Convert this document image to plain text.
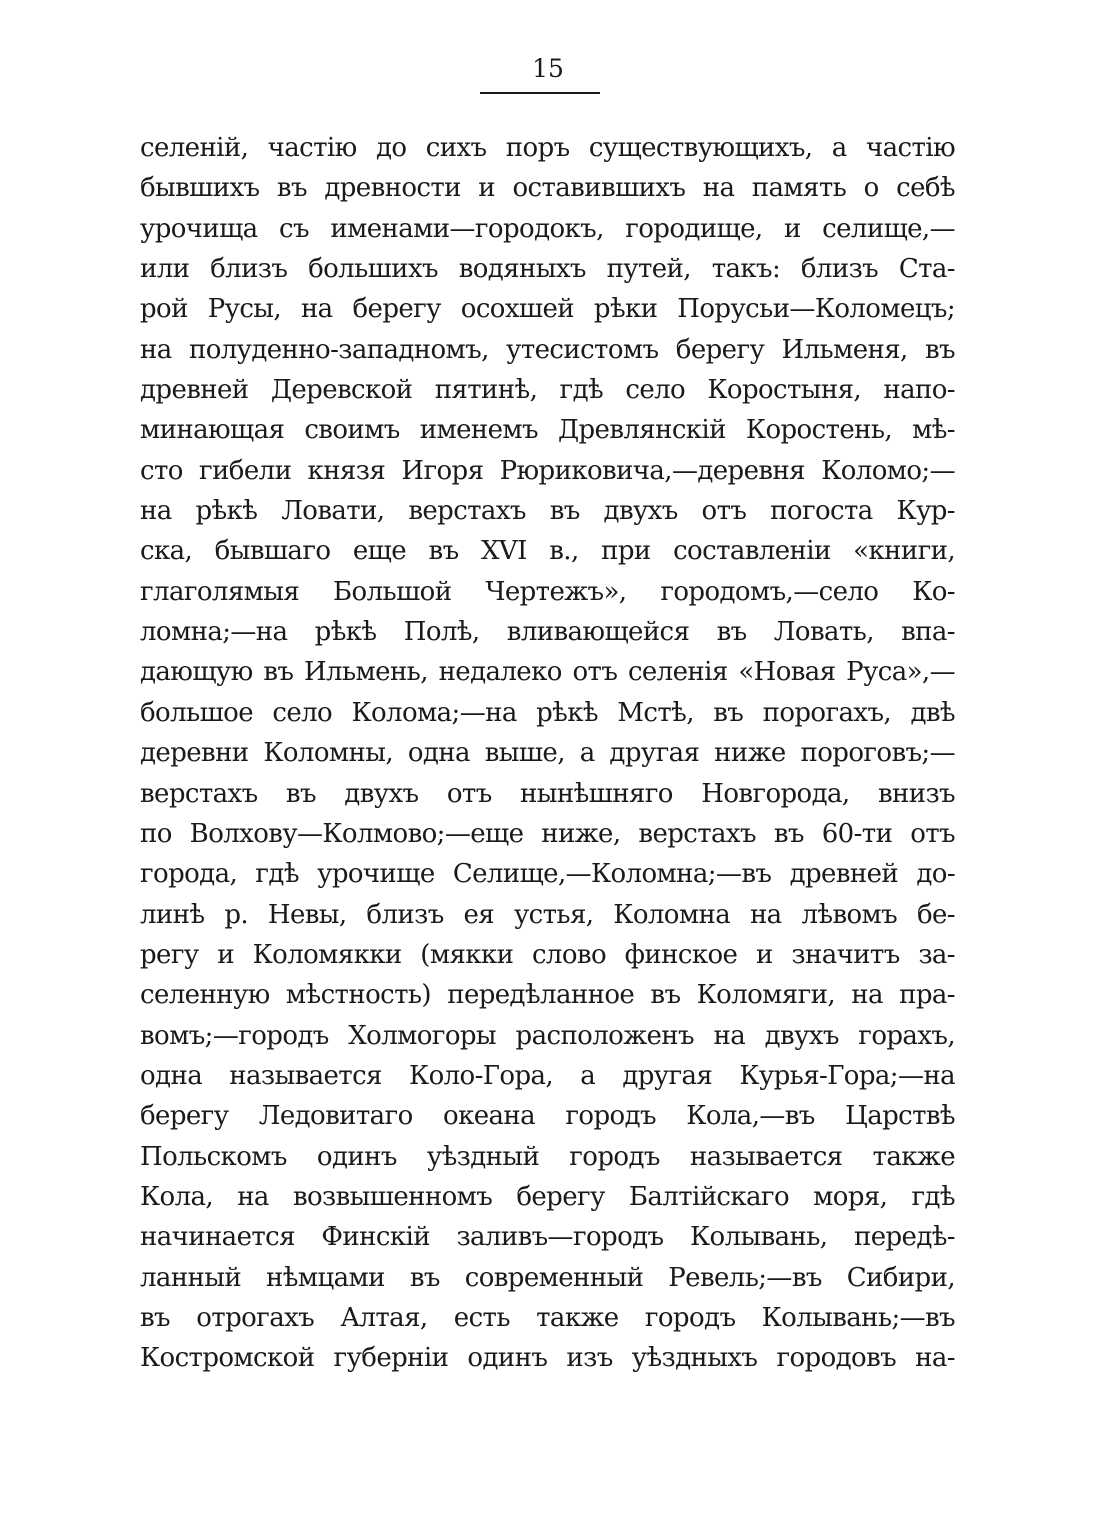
15
селеній, частію до сихъ поръ существующихъ, а частію
бывшихъ въ древности и оставившихъ на память о себѣ
урочища съ именами—городокъ, городище, и селище,—
или близъ большихъ водяныхъ путей, такъ: близъ Ста-
рой Русы, на берегу осохшей рѣки Порусьи—Коломецъ;
на полуденно-западномъ, утесистомъ берегу Ильменя, въ
древней Деревской пятинѣ, гдѣ село Коростыня, напо-
минающая своимъ именемъ Древлянскій Коростень, мѣ-
сто гибели князя Игоря Рюриковича,—деревня Коломо;—
на рѣкѣ Ловати, верстахъ въ двухъ отъ погоста Кур-
ска, бывшаго еще въ XVI в., при составленіи «книги,
глаголямыя Большой Чертежъ», городомъ,—село Ко-
ломна;—на рѣкѣ Полѣ, вливающейся въ Ловать, впа-
дающую въ Ильмень, недалеко отъ селенія «Новая Руса»,—
большое село Колома;—на рѣкѣ Мстѣ, въ порогахъ, двѣ
деревни Коломны, одна выше, а другая ниже пороговъ;—
верстахъ въ двухъ отъ нынѣшняго Новгорода, внизъ
по Волхову—Колмово;—еще ниже, верстахъ въ 60-ти отъ
города, гдѣ урочище Селище,—Коломна;—въ древней до-
линѣ р. Невы, близъ ея устья, Коломна на лѣвомъ бе-
регу и Коломякки (мякки слово финское и значитъ за-
селенную мѣстность) передѣланное въ Коломяги, на пра-
вомъ;—городъ Холмогоры расположенъ на двухъ горахъ,
одна называется Коло-Гора, а другая Курья-Гора;—на
берегу Ледовитаго океана городъ Кола,—въ Царствѣ
Польскомъ одинъ уѣздный городъ называется также
Кола, на возвышенномъ берегу Балтійскаго моря, гдѣ
начинается Финскій заливъ—городъ Колывань, передѣ-
ланный нѣмцами въ современный Ревель;—въ Сибири,
въ отрогахъ Алтая, есть также городъ Колывань;—въ
Костромской губерніи одинъ изъ уѣздныхъ городовъ на-
